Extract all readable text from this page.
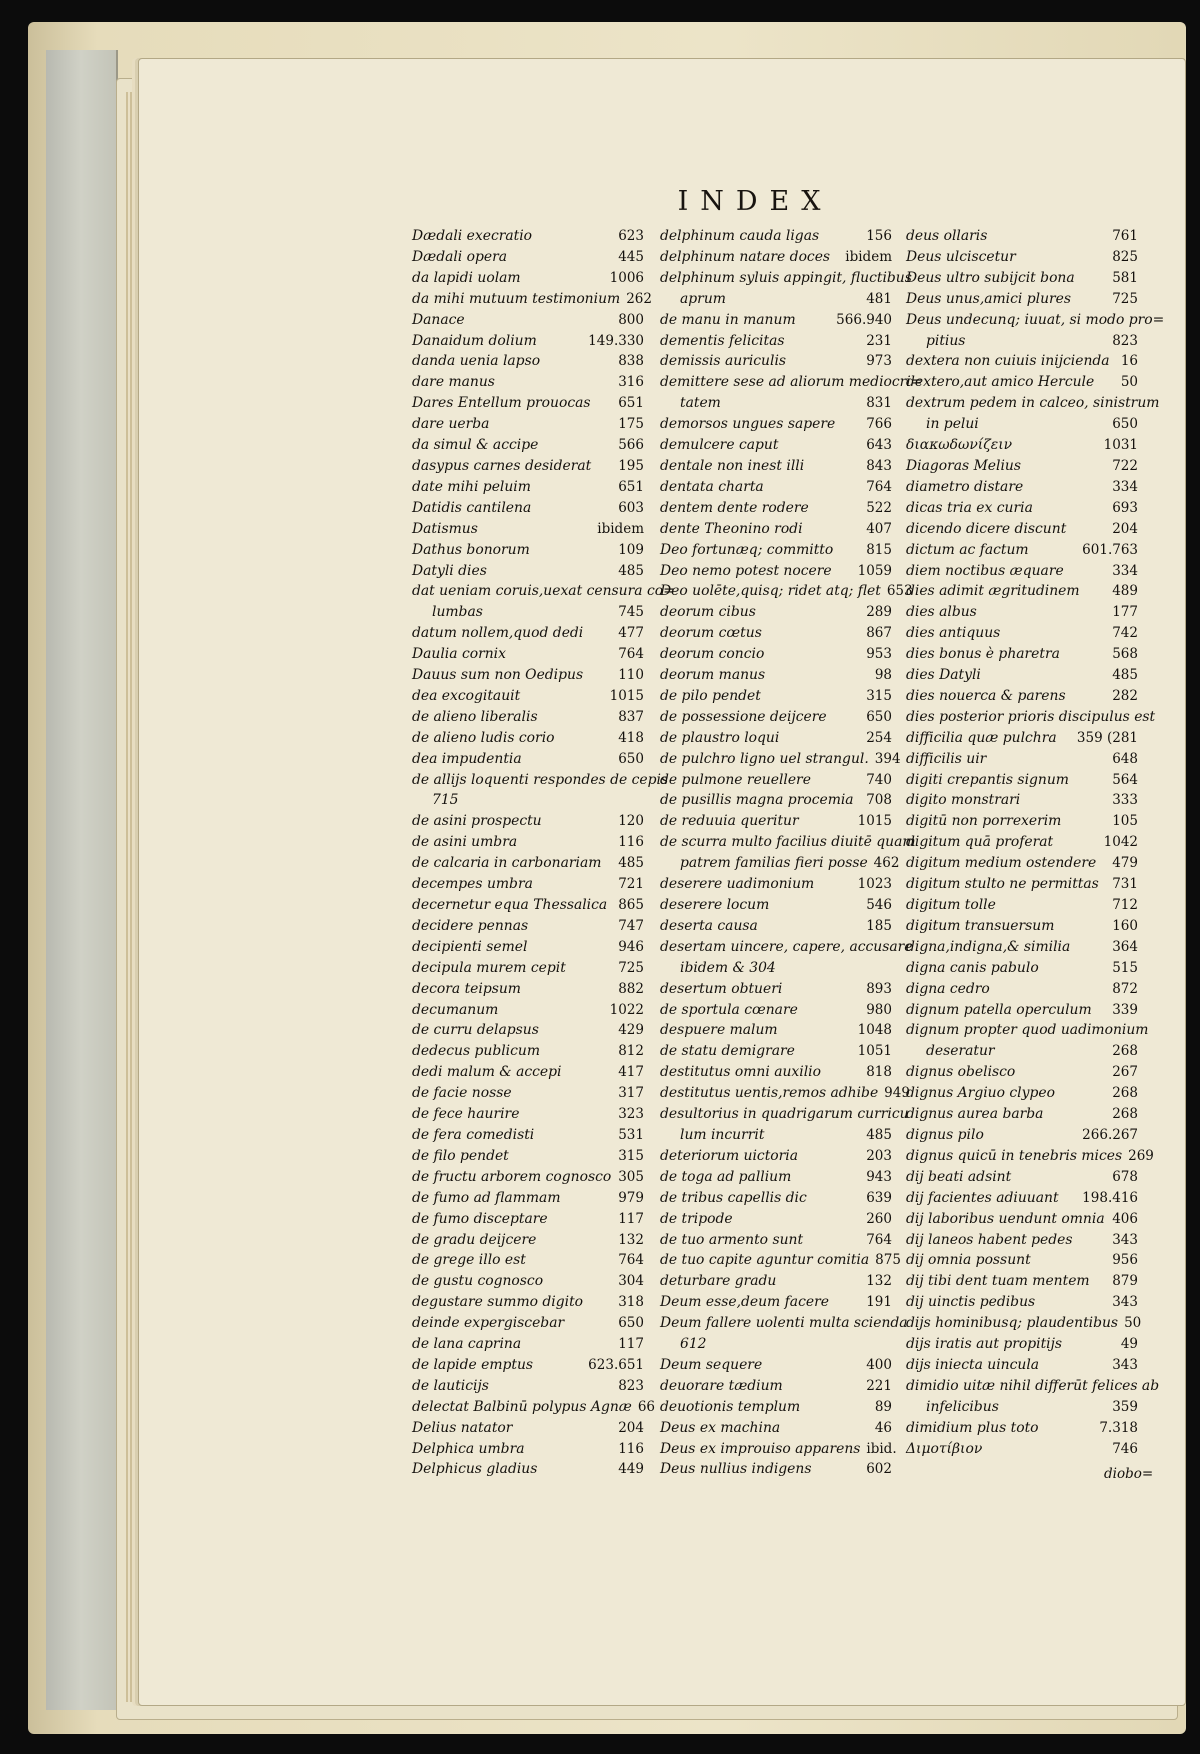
INDEX
Dædali execratio	623
Dædali opera	445
da lapidi uolam	1006
da mihi mutuum testimonium 262
Danace	800
Danaidum dolium	149.330
danda uenia lapso	838
dare manus	316
Dares Entellum prouocas	651
dare uerba	175
da simul & accipe	566
dasypus carnes desiderat	195
date mihi peluim	651
Datidis cantilena	603
Datismus	ibidem
Dathus bonorum	109
Datyli dies	485
dat ueniam coruis,uexat censura co=
lumbas	745
datum nollem,quod dedi	477
Daulia cornix	764
Dauus sum non Oedipus	110
dea excogitauit	1015
de alieno liberalis	837
de alieno ludis corio	418
dea impudentia	650
de allijs loquenti respondes de cepis
715
de asini prospectu	120
de asini umbra	116
de calcaria in carbonariam	485
decempes umbra	721
decernetur equa Thessalica 865
decidere pennas	747
decipienti semel	946
decipula murem cepit	725
decora teipsum	882
decumanum	1022
de curru delapsus	429
dedecus publicum	812
dedi malum & accepi	417
de facie nosse	317
de fece haurire	323
de fera comedisti	531
de filo pendet	315
de fructu arborem cognosco 305
de fumo ad flammam	979
de fumo disceptare	117
de gradu deijcere	132
de grege illo est	764
de gustu cognosco	304
degustare summo digito	318
deinde expergiscebar	650
de lana caprina	117
de lapide emptus	623.651
de lauticijs	823
delectat Balbinū polypus Agnæ 66
Delius natator	204
Delphica umbra	116
Delphicus gladius	449
delphinum cauda ligas	156
delphinum natare doces	ibidem
delphinum syluis appingit, fluctibus
aprum	481
de manu in manum	566.940
dementis felicitas	231
demissis auriculis	973
demittere sese ad aliorum mediocri=
tatem	831
demorsos ungues sapere	766
demulcere caput	643
dentale non inest illi	843
dentata charta	764
dentem dente rodere	522
dente Theonino rodi	407
Deo fortunæq; committo	815
Deo nemo potest nocere	1059
Deo uolēte,quisq; ridet atq; flet 653
deorum cibus	289
deorum cœtus	867
deorum concio	953
deorum manus	98
de pilo pendet	315
de possessione deijcere	650
de plaustro loqui	254
de pulchro ligno uel strangul. 394
de pulmone reuellere	740
de pusillis magna procemia 708
de reduuia queritur	1015
de scurra multo facilius diuitē quam
patrem familias fieri posse 462
deserere uadimonium	1023
deserere locum	546
deserta causa	185
desertam uincere, capere, accusare
ibidem & 304
desertum obtueri	893
de sportula cœnare	980
despuere malum	1048
de statu demigrare	1051
destitutus omni auxilio	818
destitutus uentis,remos adhibe 949
desultorius in quadrigarum curricu
lum incurrit	485
deteriorum uictoria	203
de toga ad pallium	943
de tribus capellis dic	639
de tripode	260
de tuo armento sunt	764
de tuo capite aguntur comitia 875
deturbare gradu	132
Deum esse,deum facere	191
Deum fallere uolenti multa scienda
612
Deum sequere	400
deuorare tædium	221
deuotionis templum	89
Deus ex machina	46
Deus ex improuiso apparens ibid.
Deus nullius indigens	602
deus ollaris	761
Deus ulciscetur	825
Deus ultro subijcit bona	581
Deus unus,amici plures	725
Deus undecunq; iuuat, si modo pro=
pitius	823
dextera non cuiuis inijcienda 16
dextero,aut amico Hercule	50
dextrum pedem in calceo, sinistrum
in pelui	650
διακωδωνίζειν	1031
Diagoras Melius	722
diametro distare	334
dicas tria ex curia	693
dicendo dicere discunt	204
dictum ac factum	601.763
diem noctibus æquare	334
dies adimit ægritudinem	489
dies albus	177
dies antiquus	742
dies bonus è pharetra	568
dies Datyli	485
dies nouerca & parens	282
dies posterior prioris discipulus est
difficilia quæ pulchra	359 (281
difficilis uir	648
digiti crepantis signum	564
digito monstrari	333
digitū non porrexerim	105
digitum quā proferat	1042
digitum medium ostendere	479
digitum stulto ne permittas 731
digitum tolle	712
digitum transuersum	160
digna,indigna,& similia	364
digna canis pabulo	515
digna cedro	872
dignum patella operculum	339
dignum propter quod uadimonium
deseratur	268
dignus obelisco	267
dignus Argiuo clypeo	268
dignus aurea barba	268
dignus pilo	266.267
dignus quicū in tenebris mices 269
dij beati adsint	678
dij facientes adiuuant	198.416
dij laboribus uendunt omnia 406
dij laneos habent pedes	343
dij omnia possunt	956
dij tibi dent tuam mentem	879
dij uinctis pedibus	343
dijs hominibusq; plaudentibus 50
dijs iratis aut propitijs	49
dijs iniecta uincula	343
dimidio uitæ nihil differūt felices ab
infelicibus	359
dimidium plus toto	7.318
Διμοτίβιον	746
diobo=
